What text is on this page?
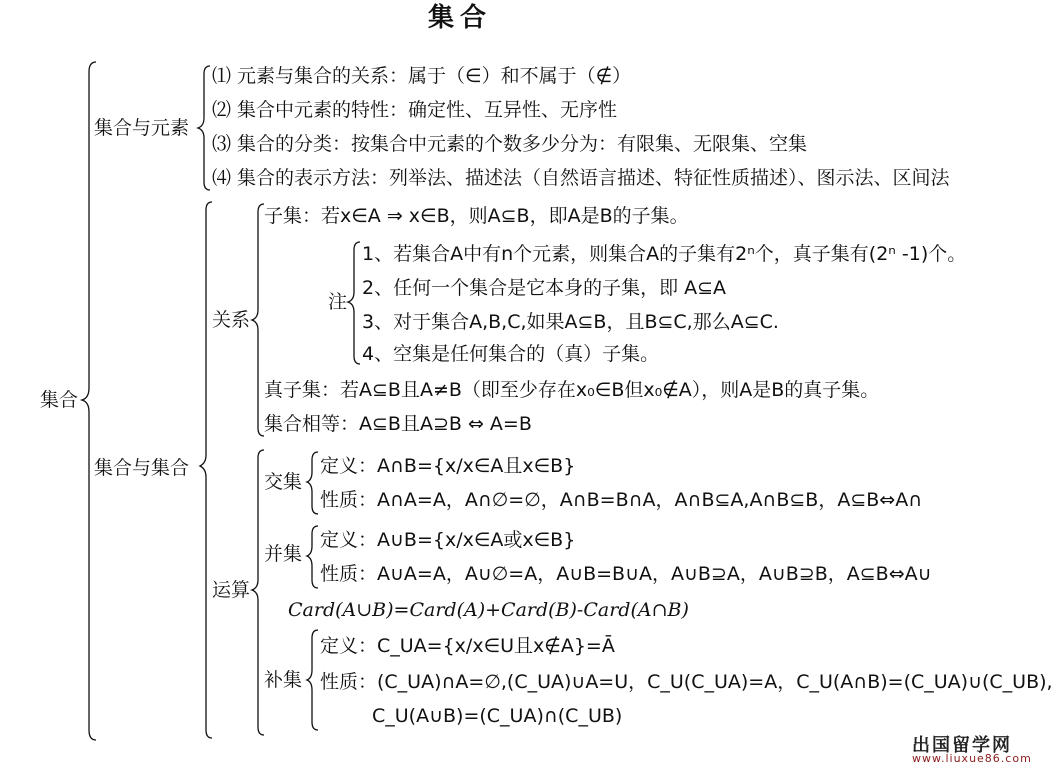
集合
集合
集合与元素
⑴ 元素与集合的关系：属于（∈）和不属于（∉）
⑵ 集合中元素的特性：确定性、互异性、无序性
⑶ 集合的分类：按集合中元素的个数多少分为：有限集、无限集、空集
⑷ 集合的表示方法：列举法、描述法（自然语言描述、特征性质描述）、图示法、区间法
集合与集合
关系
子集：若x∈A ⇒ x∈B，则A⊆B，即A是B的子集。
注
1、若集合A中有n个元素，则集合A的子集有2ⁿ个，真子集有(2ⁿ -1)个。
2、任何一个集合是它本身的子集，即 A⊆A
3、对于集合A,B,C,如果A⊆B，且B⊆C,那么A⊆C.
4、空集是任何集合的（真）子集。
真子集：若A⊆B且A≠B（即至少存在x₀∈B但x₀∉A），则A是B的真子集。
集合相等：A⊆B且A⊇B ⇔ A=B
运算
交集
定义：A∩B={x/x∈A且x∈B}
性质：A∩A=A，A∩∅=∅，A∩B=B∩A，A∩B⊆A,A∩B⊆B，A⊆B⇔A∩
并集
定义：A∪B={x/x∈A或x∈B}
性质：A∪A=A，A∪∅=A，A∪B=B∪A，A∪B⊇A，A∪B⊇B，A⊆B⇔A∪
Card(A∪B)=Card(A)+Card(B)-Card(A∩B)
补集
定义：C_UA={x/x∈U且x∉A}=Ā
性质：(C_UA)∩A=∅,(C_UA)∪A=U，C_U(C_UA)=A，C_U(A∩B)=(C_UA)∪(C_UB),
C_U(A∪B)=(C_UA)∩(C_UB)
出国留学网
www.liuxue86.com
